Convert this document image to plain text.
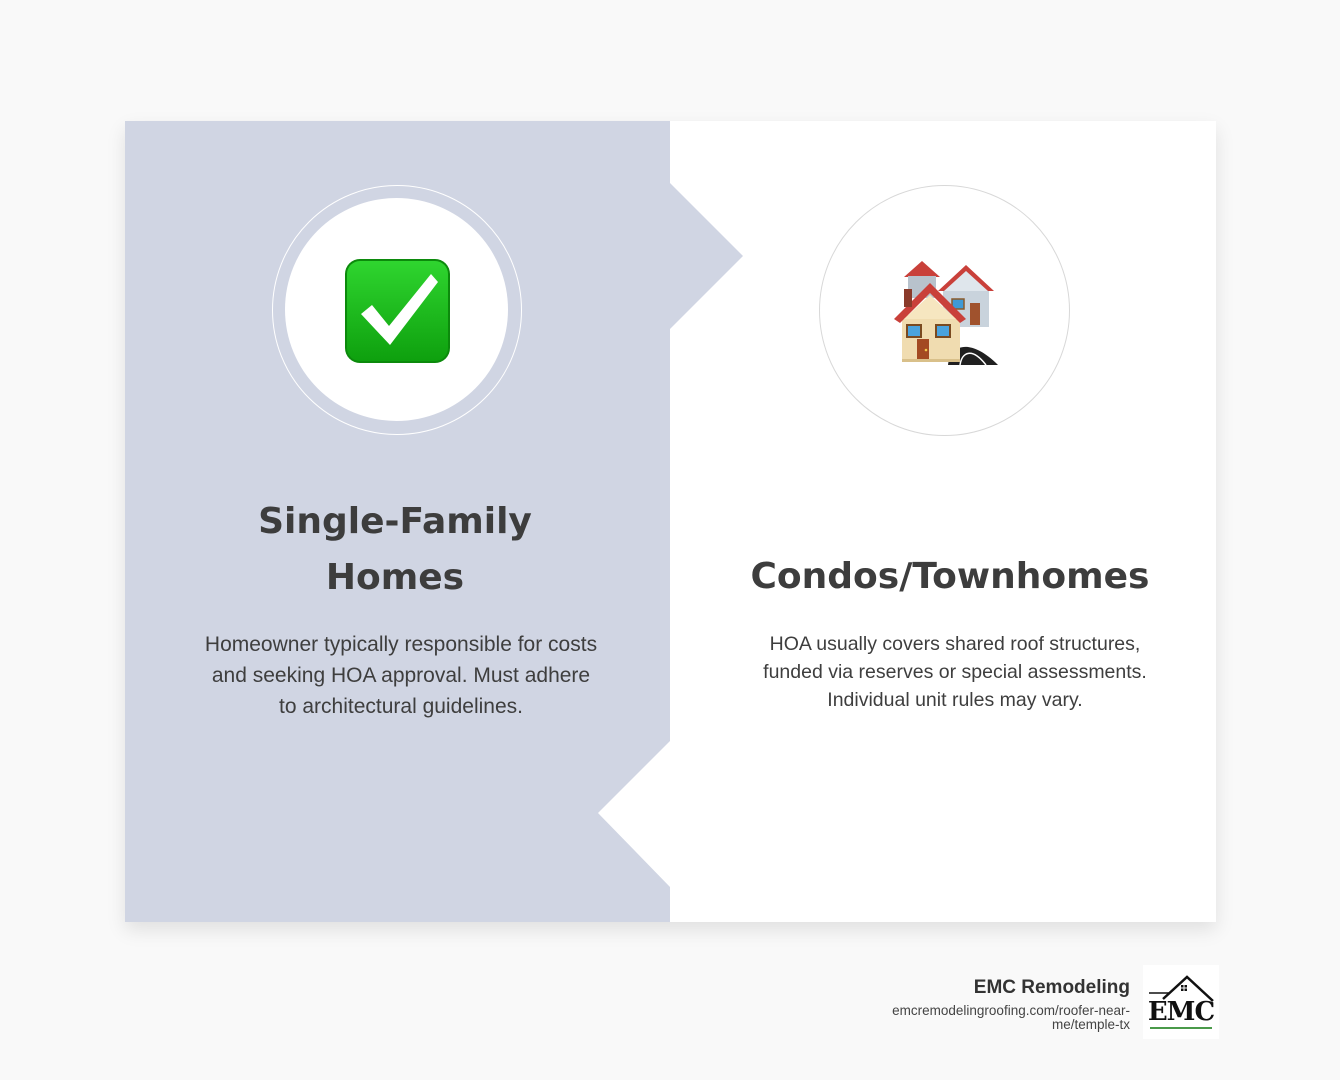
Single-Family Homes
Homeowner typically responsible for costs and seeking HOA approval. Must adhere to architectural guidelines.
Condos/Townhomes
HOA usually covers shared roof structures, funded via reserves or special assessments. Individual unit rules may vary.
EMC Remodeling
emcremodelingroofing.com/roofer-near-me/temple-tx EMC
